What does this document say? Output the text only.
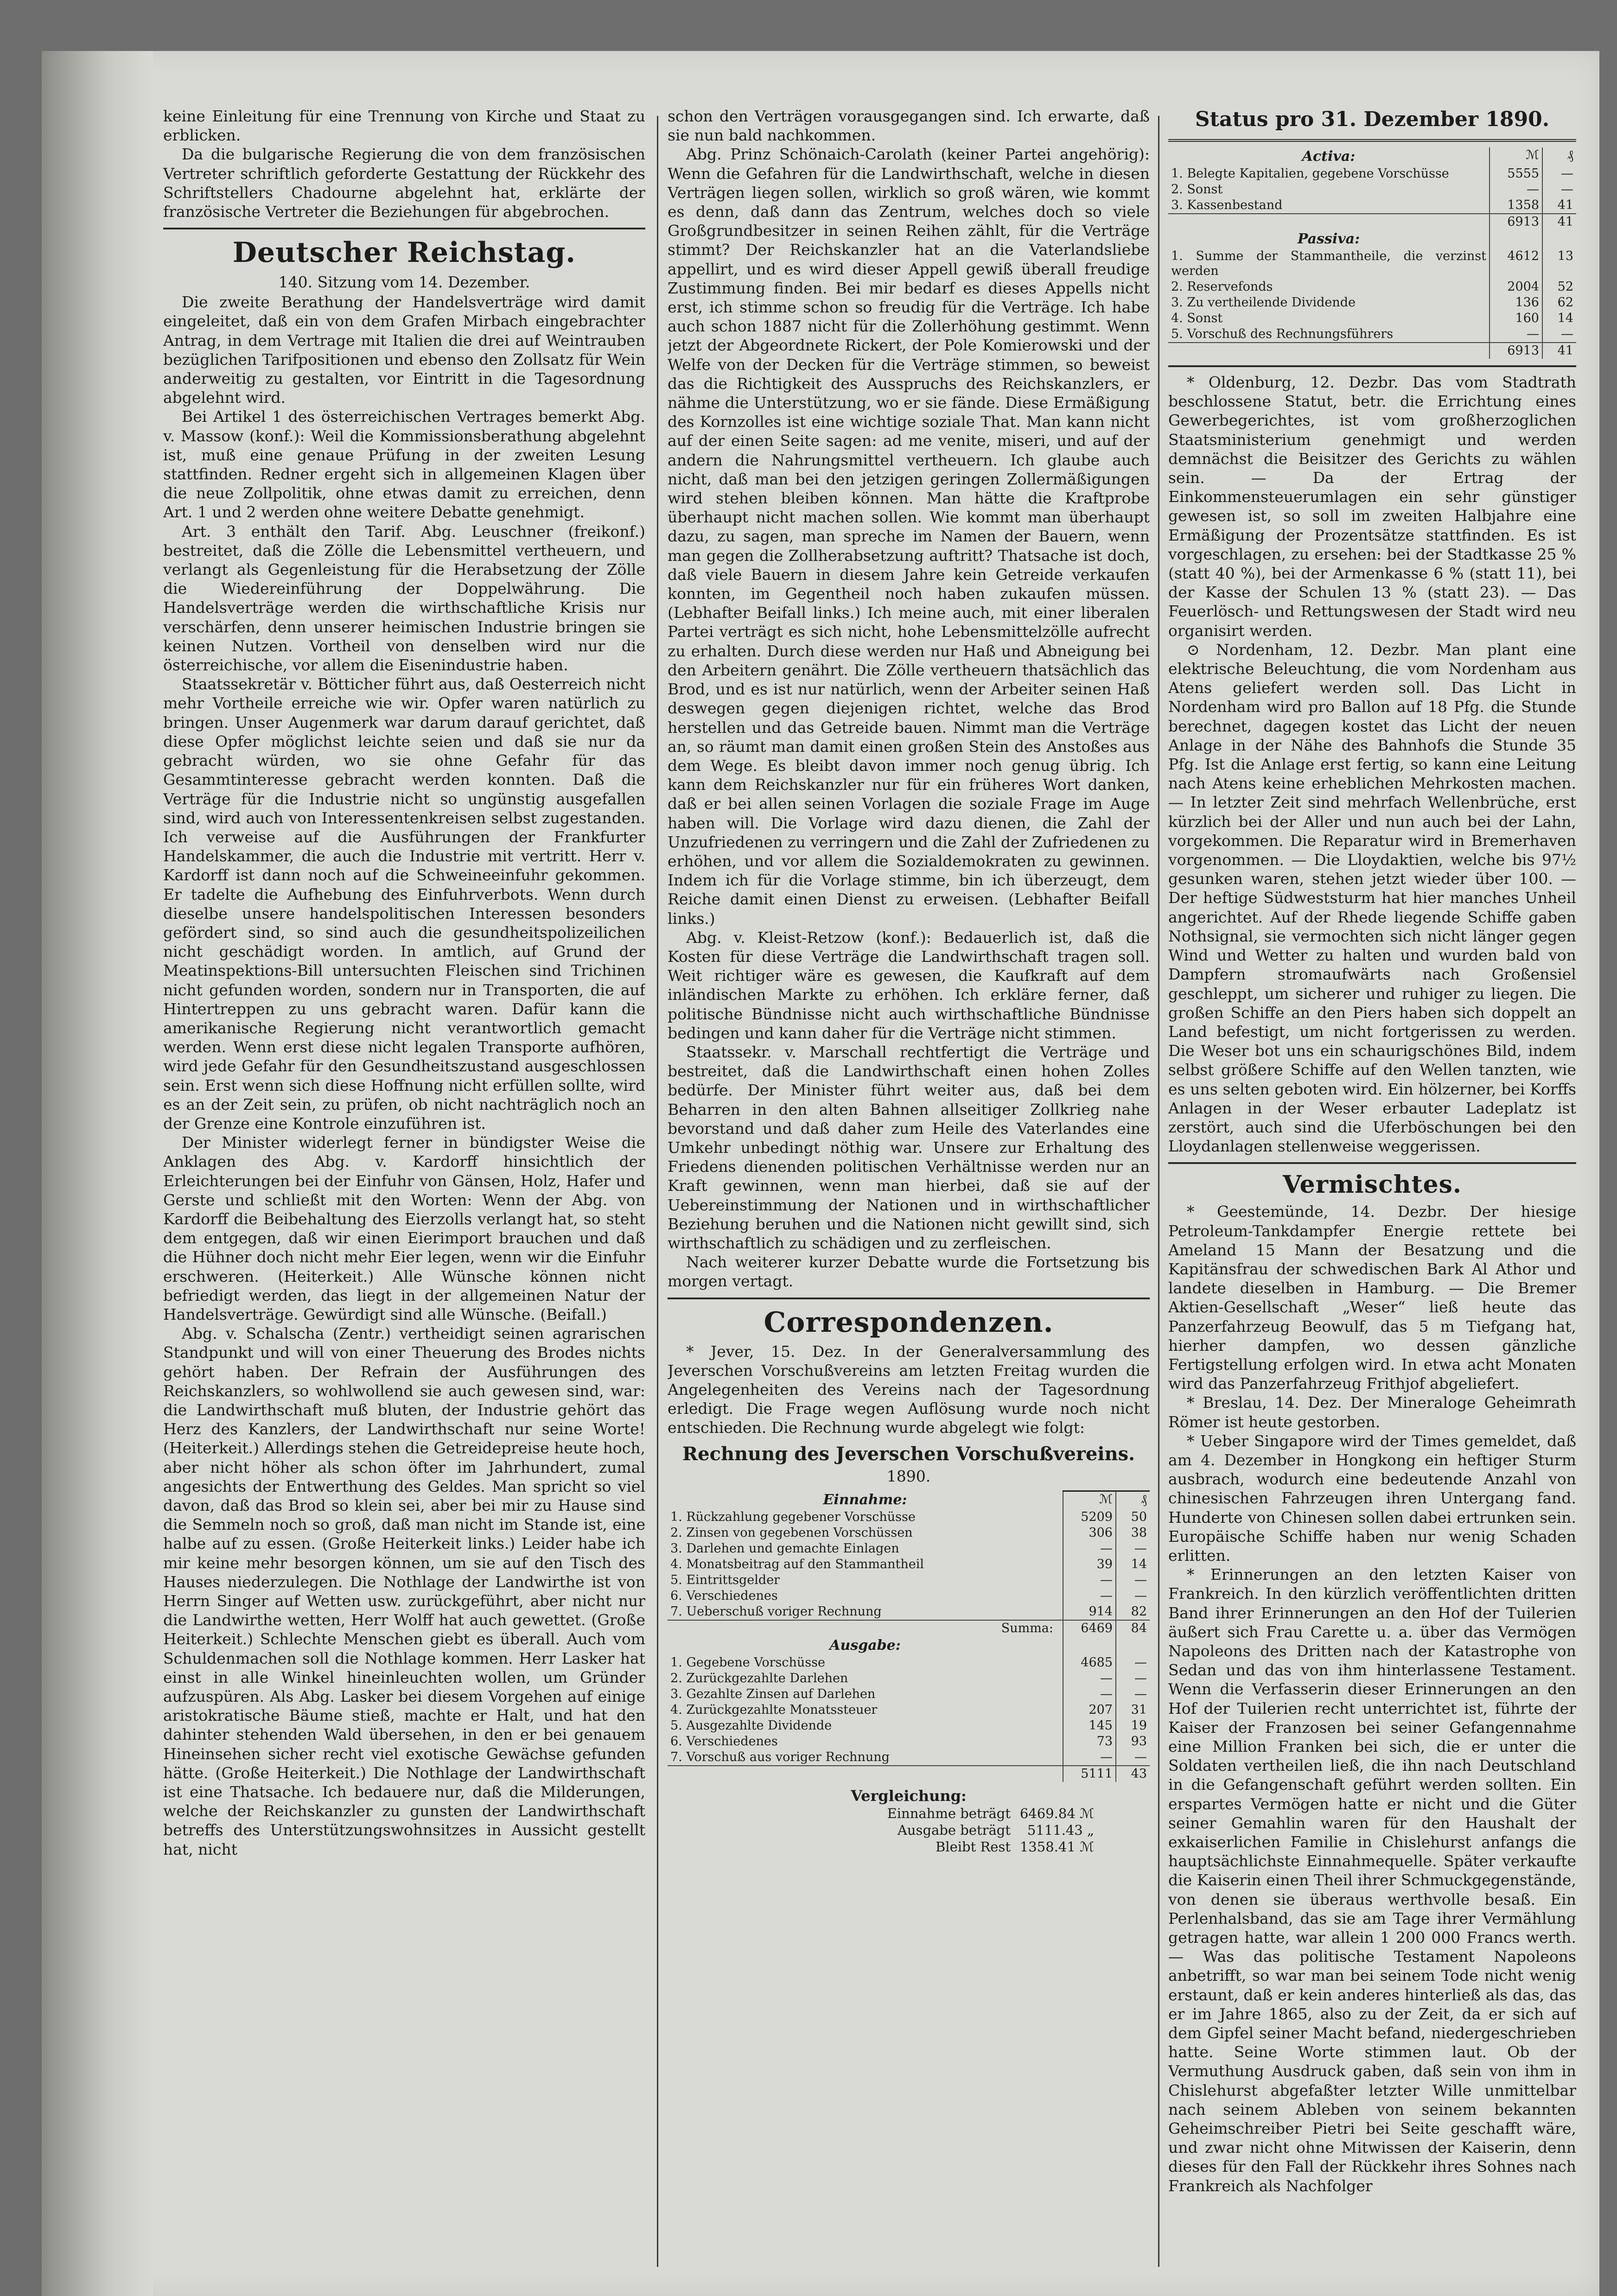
keine Einleitung für eine Trennung von Kirche und Staat zu erblicken.

Da die bulgarische Regierung die von dem französischen Vertreter schriftlich geforderte Gestattung der Rückkehr des Schriftstellers Chadourne abgelehnt hat, erklärte der französische Vertreter die Beziehungen für abgebrochen.

Deutscher Reichstag.
140. Sitzung vom 14. Dezember.

Die zweite Berathung der Handelsverträge wird damit eingeleitet, daß ein von dem Grafen Mirbach eingebrachter Antrag, in dem Vertrage mit Italien die drei auf Weintrauben bezüglichen Tarifpositionen und ebenso den Zollsatz für Wein anderweitig zu gestalten, vor Eintritt in die Tagesordnung abgelehnt wird.

Bei Artikel 1 des österreichischen Vertrages bemerkt Abg. v. Massow (konf.): Weil die Kommissionsberathung abgelehnt ist, muß eine genaue Prüfung in der zweiten Lesung stattfinden. Redner ergeht sich in allgemeinen Klagen über die neue Zollpolitik, ohne etwas damit zu erreichen, denn Art. 1 und 2 werden ohne weitere Debatte genehmigt.

Art. 3 enthält den Tarif. Abg. Leuschner (freikonf.) bestreitet, daß die Zölle die Lebensmittel vertheuern, und verlangt als Gegenleistung für die Herabsetzung der Zölle die Wiedereinführung der Doppelwährung. Die Handelsverträge werden die wirthschaftliche Krisis nur verschärfen, denn unserer heimischen Industrie bringen sie keinen Nutzen. Vortheil von denselben wird nur die österreichische, vor allem die Eisenindustrie haben.

Staatssekretär v. Bötticher führt aus, daß Oesterreich nicht mehr Vortheile erreiche wie wir. Opfer waren natürlich zu bringen. Unser Augenmerk war darum darauf gerichtet, daß diese Opfer möglichst leichte seien und daß sie nur da gebracht würden, wo sie ohne Gefahr für das Gesammtinteresse gebracht werden konnten. Daß die Verträge für die Industrie nicht so ungünstig ausgefallen sind, wird auch von Interessentenkreisen selbst zugestanden. Ich verweise auf die Ausführungen der Frankfurter Handelskammer, die auch die Industrie mit vertritt. Herr v. Kardorff ist dann noch auf die Schweineeinfuhr gekommen. Er tadelte die Aufhebung des Einfuhrverbots. Wenn durch dieselbe unsere handelspolitischen Interessen besonders gefördert sind, so sind auch die gesundheitspolizeilichen nicht geschädigt worden. In amtlich, auf Grund der Meatinspektions-Bill untersuchten Fleischen sind Trichinen nicht gefunden worden, sondern nur in Transporten, die auf Hintertreppen zu uns gebracht waren. Dafür kann die amerikanische Regierung nicht verantwortlich gemacht werden. Wenn erst diese nicht legalen Transporte aufhören, wird jede Gefahr für den Gesundheitszustand ausgeschlossen sein. Erst wenn sich diese Hoffnung nicht erfüllen sollte, wird es an der Zeit sein, zu prüfen, ob nicht nachträglich noch an der Grenze eine Kontrole einzuführen ist.

Der Minister widerlegt ferner in bündigster Weise die Anklagen des Abg. v. Kardorff hinsichtlich der Erleichterungen bei der Einfuhr von Gänsen, Holz, Hafer und Gerste und schließt mit den Worten: Wenn der Abg. von Kardorff die Beibehaltung des Eierzolls verlangt hat, so steht dem entgegen, daß wir einen Eierimport brauchen und daß die Hühner doch nicht mehr Eier legen, wenn wir die Einfuhr erschweren. (Heiterkeit.) Alle Wünsche können nicht befriedigt werden, das liegt in der allgemeinen Natur der Handelsverträge. Gewürdigt sind alle Wünsche. (Beifall.)

Abg. v. Schalscha (Zentr.) vertheidigt seinen agrarischen Standpunkt und will von einer Theuerung des Brodes nichts gehört haben. Der Refrain der Ausführungen des Reichskanzlers, so wohlwollend sie auch gewesen sind, war: die Landwirthschaft muß bluten, der Industrie gehört das Herz des Kanzlers, der Landwirthschaft nur seine Worte! (Heiterkeit.) Allerdings stehen die Getreidepreise heute hoch, aber nicht höher als schon öfter im Jahrhundert, zumal angesichts der Entwerthung des Geldes. Man spricht so viel davon, daß das Brod so klein sei, aber bei mir zu Hause sind die Semmeln noch so groß, daß man nicht im Stande ist, eine halbe auf zu essen. (Große Heiterkeit links.) Leider habe ich mir keine mehr besorgen können, um sie auf den Tisch des Hauses niederzulegen. Die Nothlage der Landwirthe ist von Herrn Singer auf Wetten usw. zurückgeführt, aber nicht nur die Landwirthe wetten, Herr Wolff hat auch gewettet. (Große Heiterkeit.) Schlechte Menschen giebt es überall. Auch vom Schuldenmachen soll die Nothlage kommen. Herr Lasker hat einst in alle Winkel hineinleuchten wollen, um Gründer aufzuspüren. Als Abg. Lasker bei diesem Vorgehen auf einige aristokratische Bäume stieß, machte er Halt, und hat den dahinter stehenden Wald übersehen, in den er bei genauem Hineinsehen sicher recht viel exotische Gewächse gefunden hätte. (Große Heiterkeit.) Die Nothlage der Landwirthschaft ist eine Thatsache. Ich bedauere nur, daß die Milderungen, welche der Reichskanzler zu gunsten der Landwirthschaft betreffs des Unterstützungswohnsitzes in Aussicht gestellt hat, nicht

schon den Verträgen vorausgegangen sind. Ich erwarte, daß sie nun bald nachkommen.

Abg. Prinz Schönaich-Carolath (keiner Partei angehörig): Wenn die Gefahren für die Landwirthschaft, welche in diesen Verträgen liegen sollen, wirklich so groß wären, wie kommt es denn, daß dann das Zentrum, welches doch so viele Großgrundbesitzer in seinen Reihen zählt, für die Verträge stimmt? Der Reichskanzler hat an die Vaterlandsliebe appellirt, und es wird dieser Appell gewiß überall freudige Zustimmung finden. Bei mir bedarf es dieses Appells nicht erst, ich stimme schon so freudig für die Verträge. Ich habe auch schon 1887 nicht für die Zollerhöhung gestimmt. Wenn jetzt der Abgeordnete Rickert, der Pole Komierowski und der Welfe von der Decken für die Verträge stimmen, so beweist das die Richtigkeit des Ausspruchs des Reichskanzlers, er nähme die Unterstützung, wo er sie fände. Diese Ermäßigung des Kornzolles ist eine wichtige soziale That. Man kann nicht auf der einen Seite sagen: ad me venite, miseri, und auf der andern die Nahrungsmittel vertheuern. Ich glaube auch nicht, daß man bei den jetzigen geringen Zollermäßigungen wird stehen bleiben können. Man hätte die Kraftprobe überhaupt nicht machen sollen. Wie kommt man überhaupt dazu, zu sagen, man spreche im Namen der Bauern, wenn man gegen die Zollherabsetzung auftritt? Thatsache ist doch, daß viele Bauern in diesem Jahre kein Getreide verkaufen konnten, im Gegentheil noch haben zukaufen müssen. (Lebhafter Beifall links.) Ich meine auch, mit einer liberalen Partei verträgt es sich nicht, hohe Lebensmittelzölle aufrecht zu erhalten. Durch diese werden nur Haß und Abneigung bei den Arbeitern genährt. Die Zölle vertheuern thatsächlich das Brod, und es ist nur natürlich, wenn der Arbeiter seinen Haß deswegen gegen diejenigen richtet, welche das Brod herstellen und das Getreide bauen. Nimmt man die Verträge an, so räumt man damit einen großen Stein des Anstoßes aus dem Wege. Es bleibt davon immer noch genug übrig. Ich kann dem Reichskanzler nur für ein früheres Wort danken, daß er bei allen seinen Vorlagen die soziale Frage im Auge haben will. Die Vorlage wird dazu dienen, die Zahl der Unzufriedenen zu verringern und die Zahl der Zufriedenen zu erhöhen, und vor allem die Sozialdemokraten zu gewinnen. Indem ich für die Vorlage stimme, bin ich überzeugt, dem Reiche damit einen Dienst zu erweisen. (Lebhafter Beifall links.)

Abg. v. Kleist-Retzow (konf.): Bedauerlich ist, daß die Kosten für diese Verträge die Landwirthschaft tragen soll. Weit richtiger wäre es gewesen, die Kaufkraft auf dem inländischen Markte zu erhöhen. Ich erkläre ferner, daß politische Bündnisse nicht auch wirthschaftliche Bündnisse bedingen und kann daher für die Verträge nicht stimmen.

Staatssekr. v. Marschall rechtfertigt die Verträge und bestreitet, daß die Landwirthschaft einen hohen Zolles bedürfe. Der Minister führt weiter aus, daß bei dem Beharren in den alten Bahnen allseitiger Zollkrieg nahe bevorstand und daß daher zum Heile des Vaterlandes eine Umkehr unbedingt nöthig war. Unsere zur Erhaltung des Friedens dienenden politischen Verhältnisse werden nur an Kraft gewinnen, wenn man hierbei, daß sie auf der Uebereinstimmung der Nationen und in wirthschaftlicher Beziehung beruhen und die Nationen nicht gewillt sind, sich wirthschaftlich zu schädigen und zu zerfleischen.

Nach weiterer kurzer Debatte wurde die Fortsetzung bis morgen vertagt.

Correspondenzen.

* Jever, 15. Dez. In der Generalversammlung des Jeverschen Vorschußvereins am letzten Freitag wurden die Angelegenheiten des Vereins nach der Tagesordnung erledigt. Die Frage wegen Auflösung wurde noch nicht entschieden. Die Rechnung wurde abgelegt wie folgt:

Rechnung des Jeverschen Vorschußvereins.
1890.
Einnahme:	ℳ	₰
1. Rückzahlung gegebener Vorschüsse	5209	50
2. Zinsen von gegebenen Vorschüssen	306	38
3. Darlehen und gemachte Einlagen	—	—
4. Monatsbeitrag auf den Stammantheil	39	14
5. Eintrittsgelder	—	—
6. Verschiedenes	—	—
7. Ueberschuß voriger Rechnung	914	82
Summa:	6469	84
Ausgabe:		
1. Gegebene Vorschüsse	4685	—
2. Zurückgezahlte Darlehen	—	—
3. Gezahlte Zinsen auf Darlehen	—	—
4. Zurückgezahlte Monatssteuer	207	31
5. Ausgezahlte Dividende	145	19
6. Verschiedenes	73	93
7. Vorschuß aus voriger Rechnung	—	—
	5111	43
Vergleichung:
Einnahme beträgt 6469.84 ℳ
Ausgabe beträgt 5111.43 „
Bleibt Rest 1358.41 ℳ
Status pro 31. Dezember 1890.
Activa:	ℳ	₰
1. Belegte Kapitalien, gegebene Vorschüsse	5555	—
2. Sonst	—	—
3. Kassenbestand	1358	41
	6913	41
Passiva:		
1. Summe der Stammantheile, die verzinst werden	4612	13
2. Reservefonds	2004	52
3. Zu vertheilende Dividende	136	62
4. Sonst	160	14
5. Vorschuß des Rechnungsführers	—	—
	6913	41

* Oldenburg, 12. Dezbr. Das vom Stadtrath beschlossene Statut, betr. die Errichtung eines Gewerbegerichtes, ist vom großherzoglichen Staatsministerium genehmigt und werden demnächst die Beisitzer des Gerichts zu wählen sein. — Da der Ertrag der Einkommensteuerumlagen ein sehr günstiger gewesen ist, so soll im zweiten Halbjahre eine Ermäßigung der Prozentsätze stattfinden. Es ist vorgeschlagen, zu ersehen: bei der Stadtkasse 25 % (statt 40 %), bei der Armenkasse 6 % (statt 11), bei der Kasse der Schulen 13 % (statt 23). — Das Feuerlösch- und Rettungswesen der Stadt wird neu organisirt werden.

⊙ Nordenham, 12. Dezbr. Man plant eine elektrische Beleuchtung, die vom Nordenham aus Atens geliefert werden soll. Das Licht in Nordenham wird pro Ballon auf 18 Pfg. die Stunde berechnet, dagegen kostet das Licht der neuen Anlage in der Nähe des Bahnhofs die Stunde 35 Pfg. Ist die Anlage erst fertig, so kann eine Leitung nach Atens keine erheblichen Mehrkosten machen. — In letzter Zeit sind mehrfach Wellenbrüche, erst kürzlich bei der Aller und nun auch bei der Lahn, vorgekommen. Die Reparatur wird in Bremerhaven vorgenommen. — Die Lloydaktien, welche bis 97½ gesunken waren, stehen jetzt wieder über 100. — Der heftige Südweststurm hat hier manches Unheil angerichtet. Auf der Rhede liegende Schiffe gaben Nothsignal, sie vermochten sich nicht länger gegen Wind und Wetter zu halten und wurden bald von Dampfern stromaufwärts nach Großensiel geschleppt, um sicherer und ruhiger zu liegen. Die großen Schiffe an den Piers haben sich doppelt an Land befestigt, um nicht fortgerissen zu werden. Die Weser bot uns ein schaurigschönes Bild, indem selbst größere Schiffe auf den Wellen tanzten, wie es uns selten geboten wird. Ein hölzerner, bei Korffs Anlagen in der Weser erbauter Ladeplatz ist zerstört, auch sind die Uferböschungen bei den Lloydanlagen stellenweise weggerissen.

Vermischtes.

* Geestemünde, 14. Dezbr. Der hiesige Petroleum-Tankdampfer Energie rettete bei Ameland 15 Mann der Besatzung und die Kapitänsfrau der schwedischen Bark Al Athor und landete dieselben in Hamburg. — Die Bremer Aktien-Gesellschaft „Weser“ ließ heute das Panzerfahrzeug Beowulf, das 5 m Tiefgang hat, hierher dampfen, wo dessen gänzliche Fertigstellung erfolgen wird. In etwa acht Monaten wird das Panzerfahrzeug Frithjof abgeliefert.

* Breslau, 14. Dez. Der Mineraloge Geheimrath Römer ist heute gestorben.

* Ueber Singapore wird der Times gemeldet, daß am 4. Dezember in Hongkong ein heftiger Sturm ausbrach, wodurch eine bedeutende Anzahl von chinesischen Fahrzeugen ihren Untergang fand. Hunderte von Chinesen sollen dabei ertrunken sein. Europäische Schiffe haben nur wenig Schaden erlitten.

* Erinnerungen an den letzten Kaiser von Frankreich. In den kürzlich veröffentlichten dritten Band ihrer Erinnerungen an den Hof der Tuilerien äußert sich Frau Carette u. a. über das Vermögen Napoleons des Dritten nach der Katastrophe von Sedan und das von ihm hinterlassene Testament. Wenn die Verfasserin dieser Erinnerungen an den Hof der Tuilerien recht unterrichtet ist, führte der Kaiser der Franzosen bei seiner Gefangennahme eine Million Franken bei sich, die er unter die Soldaten vertheilen ließ, die ihn nach Deutschland in die Gefangenschaft geführt werden sollten. Ein erspartes Vermögen hatte er nicht und die Güter seiner Gemahlin waren für den Haushalt der exkaiserlichen Familie in Chislehurst anfangs die hauptsächlichste Einnahmequelle. Später verkaufte die Kaiserin einen Theil ihrer Schmuckgegenstände, von denen sie überaus werthvolle besaß. Ein Perlenhalsband, das sie am Tage ihrer Vermählung getragen hatte, war allein 1 200 000 Francs werth. — Was das politische Testament Napoleons anbetrifft, so war man bei seinem Tode nicht wenig erstaunt, daß er kein anderes hinterließ als das, das er im Jahre 1865, also zu der Zeit, da er sich auf dem Gipfel seiner Macht befand, niedergeschrieben hatte. Seine Worte stimmen laut. Ob der Vermuthung Ausdruck gaben, daß sein von ihm in Chislehurst abgefaßter letzter Wille unmittelbar nach seinem Ableben von seinem bekannten Geheimschreiber Pietri bei Seite geschafft wäre, und zwar nicht ohne Mitwissen der Kaiserin, denn dieses für den Fall der Rückkehr ihres Sohnes nach Frankreich als Nachfolger
